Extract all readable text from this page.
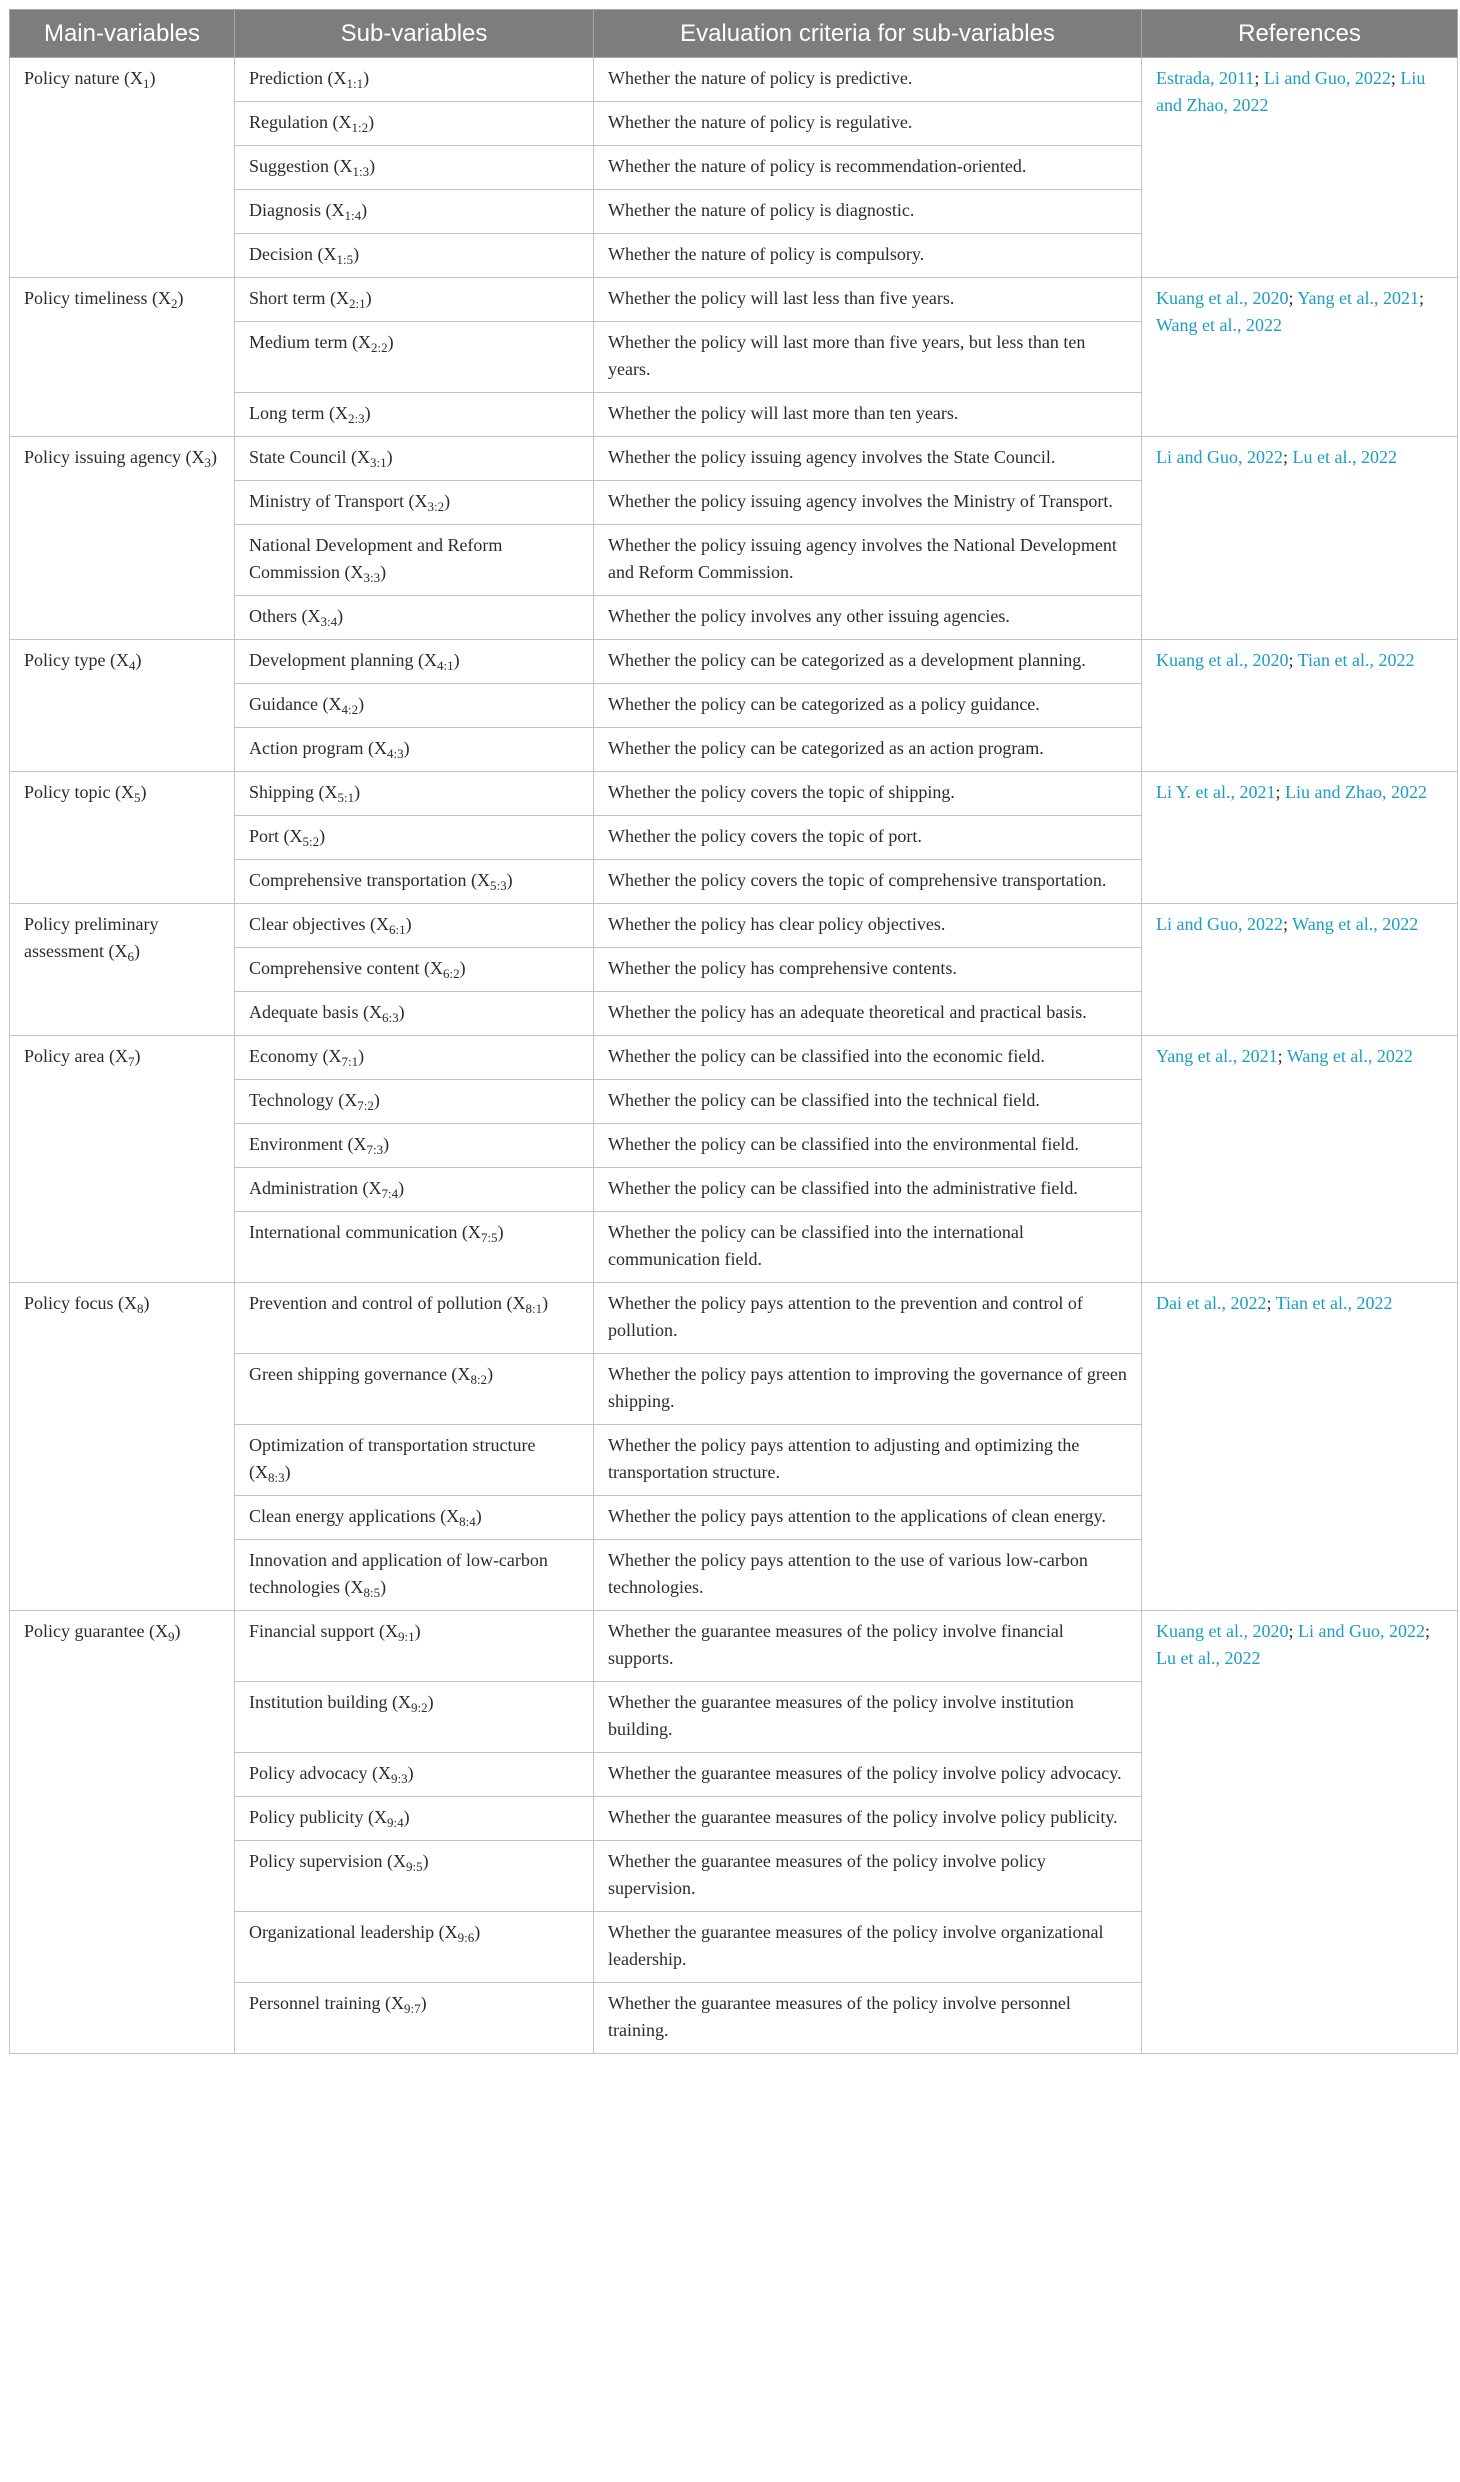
Main-variables	Sub-variables	Evaluation criteria for sub-variables	References
Policy nature $(X_1)$	Prediction $(X_{1:1})$	Whether the nature of policy is predictive.	Estrada, 2011; Li and Guo, 2022; Liu and Zhao, 2022
	Regulation $(X_{1:2})$	Whether the nature of policy is regulative.	
	Suggestion $(X_{1:3})$	Whether the nature of policy is recommendation-oriented.	
	Diagnosis $(X_{1:4})$	Whether the nature of policy is diagnostic.	
	Decision $(X_{1:5})$	Whether the nature of policy is compulsory.	
Policy timeliness $(X_2)$	Short term $(X_{2:1})$	Whether the policy will last less than five years.	Kuang et al., 2020; Yang et al., 2021; Wang et al., 2022
	Medium term $(X_{2:2})$	Whether the policy will last more than five years, but less than ten years.	
	Long term $(X_{2:3})$	Whether the policy will last more than ten years.	
Policy issuing agency $(X_3)$	State Council $(X_{3:1})$	Whether the policy issuing agency involves the State Council.	Li and Guo, 2022; Lu et al., 2022
	Ministry of Transport $(X_{3:2})$	Whether the policy issuing agency involves the Ministry of Transport.	
	National Development and Reform Commission $(X_{3:3})$	Whether the policy issuing agency involves the National Development and Reform Commission.	
	Others $(X_{3:4})$	Whether the policy involves any other issuing agencies.	
Policy type $(X_4)$	Development planning $(X_{4:1})$	Whether the policy can be categorized as a development planning.	Kuang et al., 2020; Tian et al., 2022
	Guidance $(X_{4:2})$	Whether the policy can be categorized as a policy guidance.	
	Action program $(X_{4:3})$	Whether the policy can be categorized as an action program.	
Policy topic $(X_5)$	Shipping $(X_{5:1})$	Whether the policy covers the topic of shipping.	Li Y. et al., 2021; Liu and Zhao, 2022
	Port $(X_{5:2})$	Whether the policy covers the topic of port.	
	Comprehensive transportation $(X_{5:3})$	Whether the policy covers the topic of comprehensive transportation.	
Policy preliminary assessment $(X_6)$	Clear objectives $(X_{6:1})$	Whether the policy has clear policy objectives.	Li and Guo, 2022; Wang et al., 2022
	Comprehensive content $(X_{6:2})$	Whether the policy has comprehensive contents.	
	Adequate basis $(X_{6:3})$	Whether the policy has an adequate theoretical and practical basis.	
Policy area $(X_7)$	Economy $(X_{7:1})$	Whether the policy can be classified into the economic field.	Yang et al., 2021; Wang et al., 2022
	Technology $(X_{7:2})$	Whether the policy can be classified into the technical field.	
	Environment $(X_{7:3})$	Whether the policy can be classified into the environmental field.	
	Administration $(X_{7:4})$	Whether the policy can be classified into the administrative field.	
	International communication $(X_{7:5})$	Whether the policy can be classified into the international communication field.	
Policy focus $(X_8)$	Prevention and control of pollution $(X_{8:1})$	Whether the policy pays attention to the prevention and control of pollution.	Dai et al., 2022; Tian et al., 2022
	Green shipping governance $(X_{8:2})$	Whether the policy pays attention to improving the governance of green shipping.	
	Optimization of transportation structure $(X_{8:3})$	Whether the policy pays attention to adjusting and optimizing the transportation structure.	
	Clean energy applications $(X_{8:4})$	Whether the policy pays attention to the applications of clean energy.	
	Innovation and application of low-carbon technologies $(X_{8:5})$	Whether the policy pays attention to the use of various low-carbon technologies.	
Policy guarantee $(X_9)$	Financial support $(X_{9:1})$	Whether the guarantee measures of the policy involve financial supports.	Kuang et al., 2020; Li and Guo, 2022; Lu et al., 2022
	Institution building $(X_{9:2})$	Whether the guarantee measures of the policy involve institution building.	
	Policy advocacy $(X_{9:3})$	Whether the guarantee measures of the policy involve policy advocacy.	
	Policy publicity $(X_{9:4})$	Whether the guarantee measures of the policy involve policy publicity.	
	Policy supervision $(X_{9:5})$	Whether the guarantee measures of the policy involve policy supervision.	
	Organizational leadership $(X_{9:6})$	Whether the guarantee measures of the policy involve organizational leadership.	
	Personnel training $(X_{9:7})$	Whether the guarantee measures of the policy involve personnel training.	
